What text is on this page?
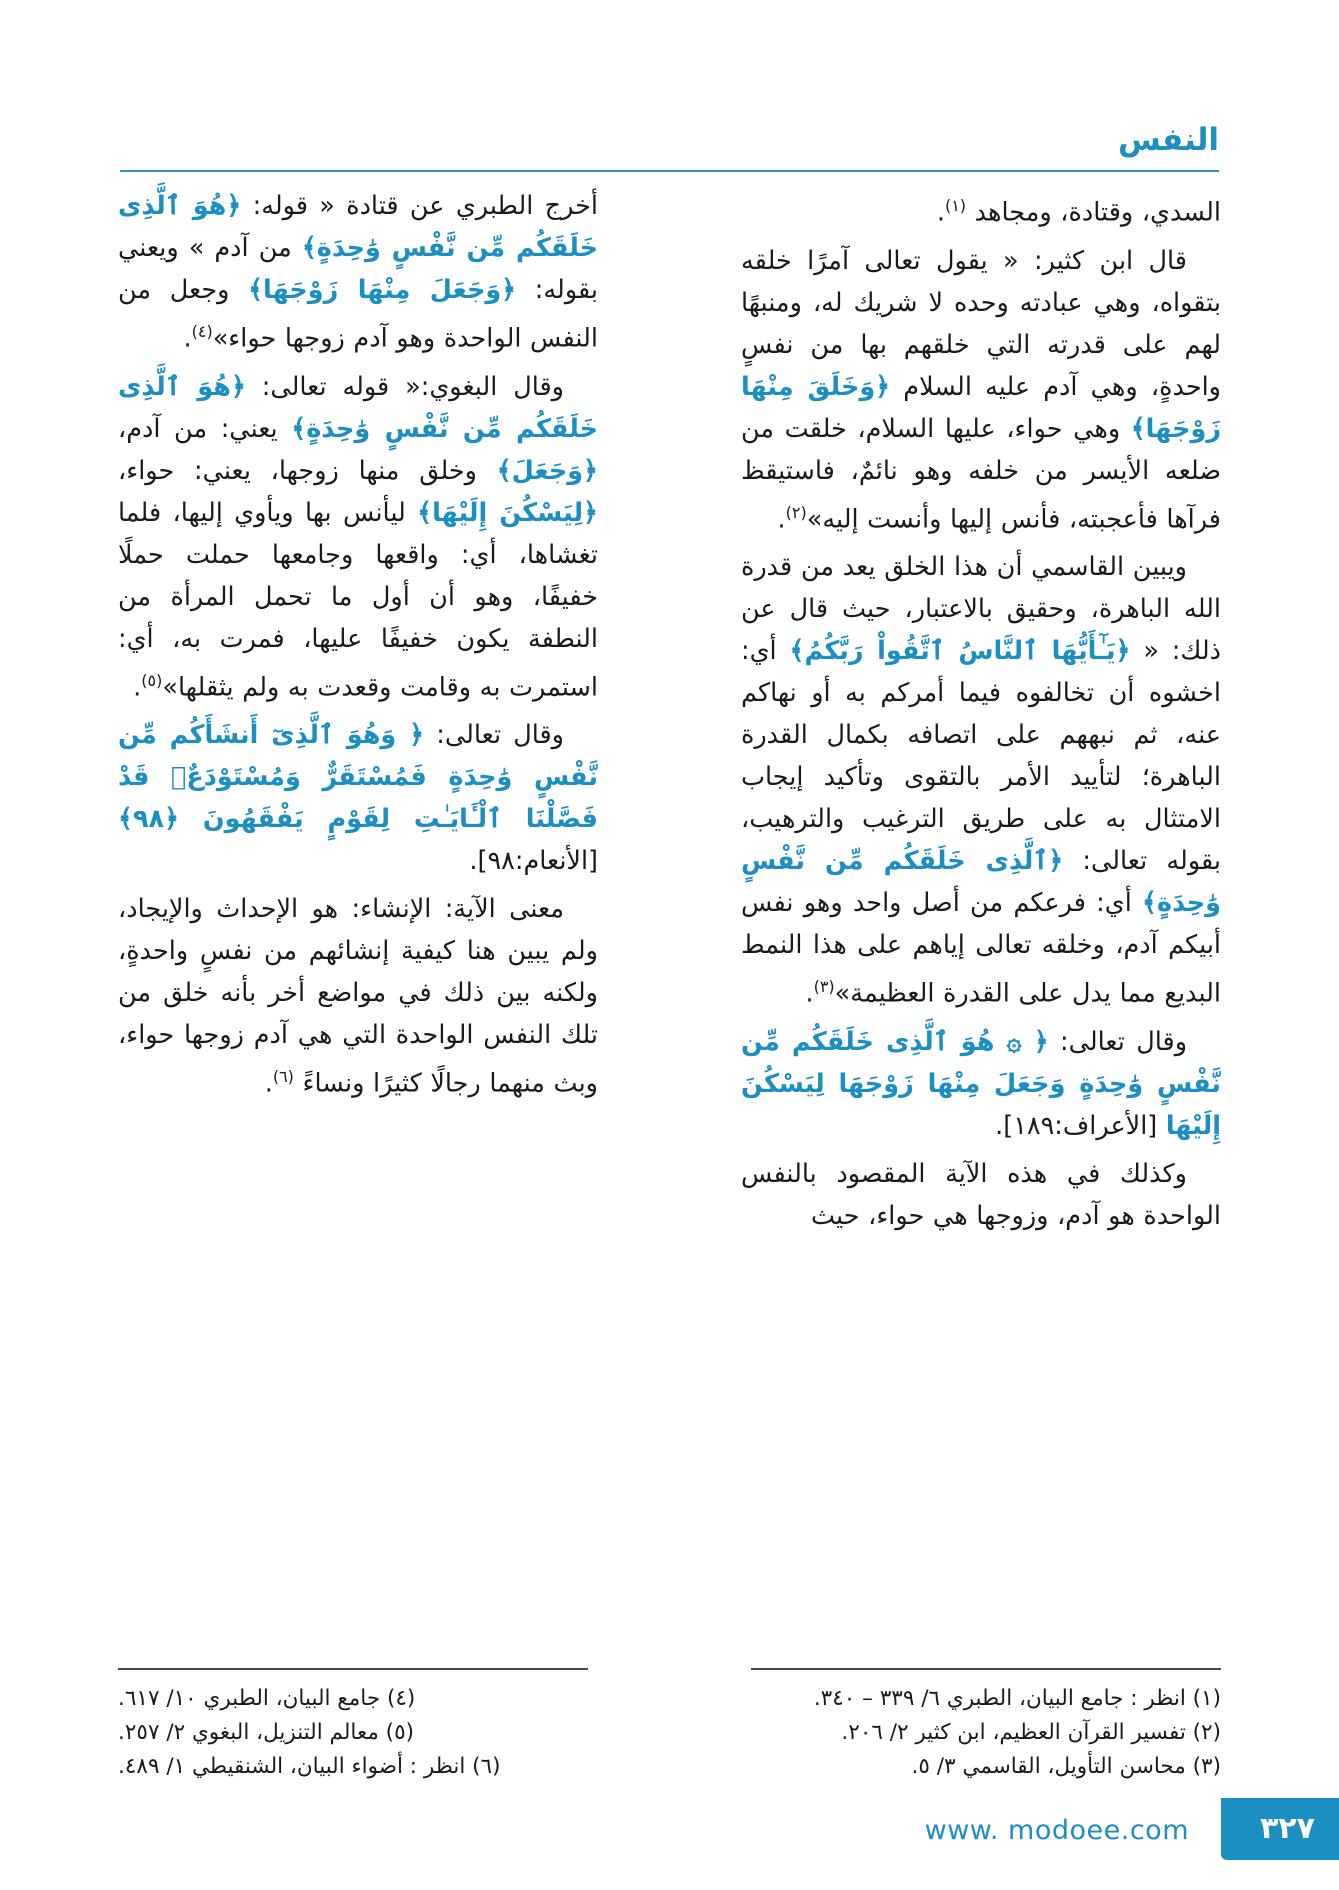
النفس

السدي، وقتادة، ومجاهد $^{(١)}$.

قال ابن كثير: « يقول تعالى آمرًا خلقه بتقواه، وهي عبادته وحده لا شريك له، ومنبهًا لهم على قدرته التي خلقهم بها من نفسٍ واحدةٍ، وهي آدم عليه السلام ﴿وَخَلَقَ مِنْهَا زَوْجَهَا﴾ وهي حواء، عليها السلام، خلقت من ضلعه الأيسر من خلفه وهو نائمٌ، فاستيقظ فرآها فأعجبته، فأنس إليها وأنست إليه»$^{(٢)}$.

ويبين القاسمي أن هذا الخلق يعد من قدرة الله الباهرة، وحقيق بالاعتبار، حيث قال عن ذلك: « ﴿يَـٰٓأَيُّهَا ٱلنَّاسُ ٱتَّقُواْ رَبَّكُمُ﴾ أي: اخشوه أن تخالفوه فيما أمركم به أو نهاكم عنه، ثم نبههم على اتصافه بكمال القدرة الباهرة؛ لتأييد الأمر بالتقوى وتأكيد إيجاب الامتثال به على طريق الترغيب والترهيب، بقوله تعالى: ﴿ٱلَّذِى خَلَقَكُم مِّن نَّفْسٍ وَٰحِدَةٍ﴾ أي: فرعكم من أصل واحد وهو نفس أبيكم آدم، وخلقه تعالى إياهم على هذا النمط البديع مما يدل على القدرة العظيمة»$^{(٣)}$.

وقال تعالى: ﴿ ۞ هُوَ ٱلَّذِى خَلَقَكُم مِّن نَّفْسٍ وَٰحِدَةٍ وَجَعَلَ مِنْهَا زَوْجَهَا لِيَسْكُنَ إِلَيْهَا [الأعراف:١٨٩].

وكذلك في هذه الآية المقصود بالنفس الواحدة هو آدم، وزوجها هي حواء، حيث

أخرج الطبري عن قتادة « قوله: ﴿هُوَ ٱلَّذِى خَلَقَكُم مِّن نَّفْسٍ وَٰحِدَةٍ﴾ من آدم » ويعني بقوله: ﴿وَجَعَلَ مِنْهَا زَوْجَهَا﴾ وجعل من النفس الواحدة وهو آدم زوجها حواء»$^{(٤)}$.

وقال البغوي:« قوله تعالى: ﴿هُوَ ٱلَّذِى خَلَقَكُم مِّن نَّفْسٍ وَٰحِدَةٍ﴾ يعني: من آدم، ﴿وَجَعَلَ﴾ وخلق منها زوجها، يعني: حواء، ﴿لِيَسْكُنَ إِلَيْهَا﴾ ليأنس بها ويأوي إليها، فلما تغشاها، أي: واقعها وجامعها حملت حملًا خفيفًا، وهو أن أول ما تحمل المرأة من النطفة يكون خفيفًا عليها، فمرت به، أي: استمرت به وقامت وقعدت به ولم يثقلها»$^{(٥)}$.

وقال تعالى: ﴿ وَهُوَ ٱلَّذِىٓ أَنشَأَكُم مِّن نَّفْسٍ وَٰحِدَةٍ فَمُسْتَقَرٌّ وَمُسْتَوْدَعٌۗ قَدْ فَصَّلْنَا ٱلْـَٔايَـٰتِ لِقَوْمٍ يَفْقَهُونَ ﴿٩٨﴾ [الأنعام:٩٨].

معنى الآية: الإنشاء: هو الإحداث والإيجاد، ولم يبين هنا كيفية إنشائهم من نفسٍ واحدةٍ، ولكنه بين ذلك في مواضع أخر بأنه خلق من تلك النفس الواحدة التي هي آدم زوجها حواء، وبث منهما رجالًا كثيرًا ونساءً $^{(٦)}$.

(١) انظر : جامع البيان، الطبري ٦/ ٣٣٩ – ٣٤٠.
(٢) تفسير القرآن العظيم، ابن كثير ٢/ ٢٠٦.
(٣) محاسن التأويل، القاسمي ٣/ ٥.
(٤) جامع البيان، الطبري ١٠/ ٦١٧.
(٥) معالم التنزيل، البغوي ٢/ ٢٥٧.
(٦) انظر : أضواء البيان، الشنقيطي ١/ ٤٨٩.
٣٢٧
www. modoee.com
